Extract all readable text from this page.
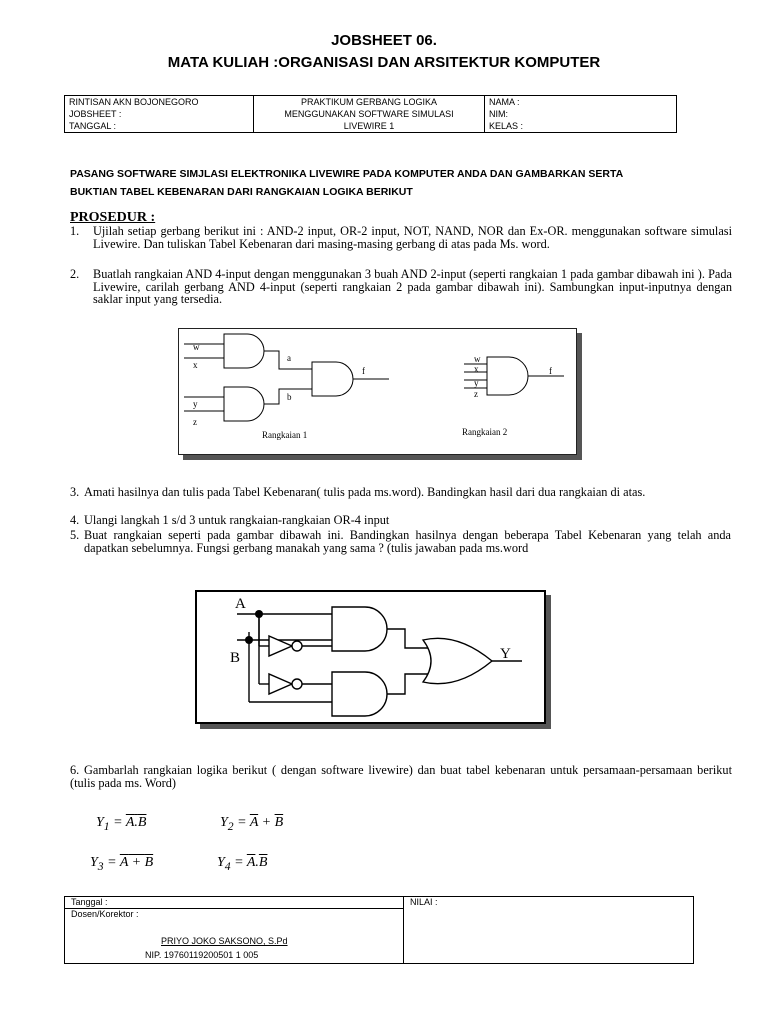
JOBSHEET 06.
MATA KULIAH :ORGANISASI DAN ARSITEKTUR KOMPUTER
RINTISAN AKN BOJONEGORO
JOBSHEET :
TANGGAL :

PRAKTIKUM GERBANG LOGIKA
MENGGUNAKAN SOFTWARE SIMULASI
LIVEWIRE 1

NAMA :
NIM:
KELAS :
PASANG SOFTWARE SIMJLASI ELEKTRONIKA LIVEWIRE PADA KOMPUTER ANDA DAN GAMBARKAN SERTA
BUKTIAN TABEL KEBENARAN DARI RANGKAIAN LOGIKA BERIKUT
PROSEDUR :
1. Ujilah setiap gerbang berikut ini : AND-2 input, OR-2 input, NOT, NAND, NOR dan Ex-OR. menggunakan software simulasi Livewire. Dan tuliskan Tabel Kebenaran dari masing-masing gerbang di atas pada Ms. word.
2. Buatlah rangkaian AND 4-input dengan menggunakan 3 buah AND 2-input (seperti rangkaian 1 pada gambar dibawah ini ). Pada Livewire, carilah gerbang AND 4-input (seperti rangkaian 2 pada gambar dibawah ini). Sambungkan input-inputnya dengan saklar input yang tersedia.
w
x
y
z
a
b
f
w
x
y
z
f
Rangkaian 1	Rangkaian 2
3. Amati hasilnya dan tulis pada Tabel Kebenaran( tulis pada ms.word). Bandingkan hasil dari dua rangkaian di atas.
4. Ulangi langkah 1 s/d 3 untuk rangkaian-rangkaian OR-4 input
5. Buat rangkaian seperti pada gambar dibawah ini. Bandingkan hasilnya dengan beberapa Tabel Kebenaran yang telah anda dapatkan sebelumnya. Fungsi gerbang manakah yang sama ? (tulis jawaban pada ms.word
A
B	Y
6. Gambarlah rangkaian logika berikut ( dengan software livewire) dan buat tabel kebenaran untuk persamaan-persamaan berikut (tulis pada ms. Word)
$Y_1 = A.B$	$Y_2 = \overline{A} + \overline{B}$
$Y_3 = A + B$	$Y_4 = \overline{A}.\overline{B}$
Tanggal :	NILAI :

Dosen/Korektor :
PRIYO JOKO SAKSONO, S.Pd
NIP. 19760119200501 1 005
